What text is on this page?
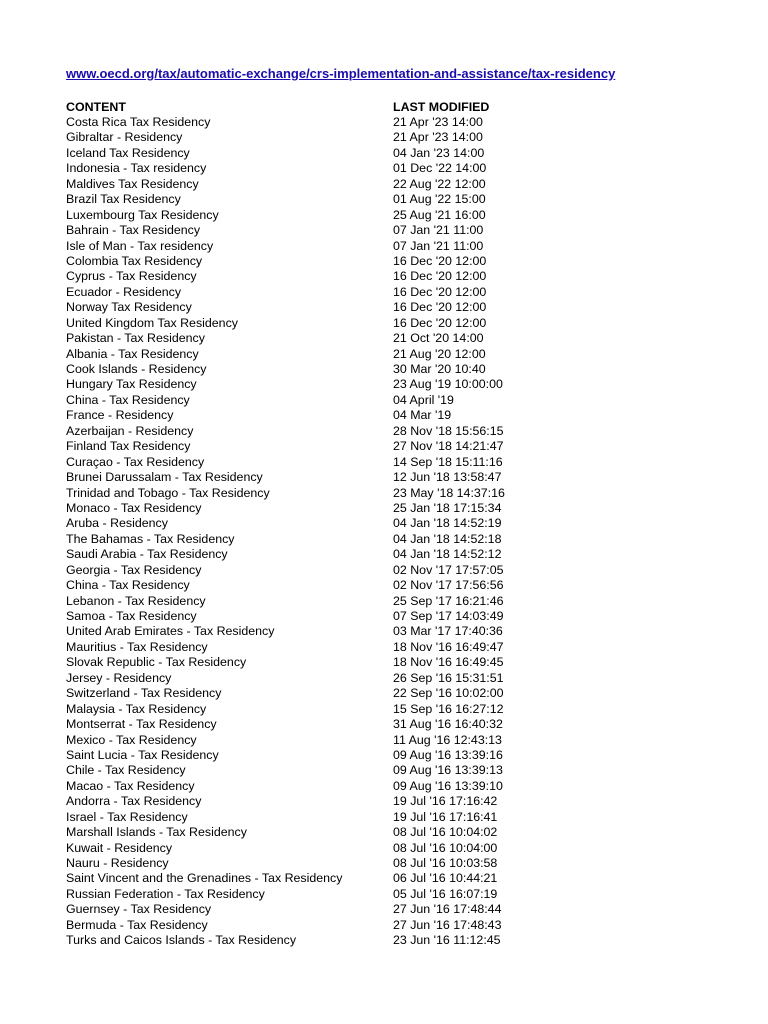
www.oecd.org/tax/automatic-exchange/crs-implementation-and-assistance/tax-residency
CONTENT	LAST MODIFIED
Costa Rica Tax Residency	21 Apr '23 14:00
Gibraltar - Residency	21 Apr '23 14:00
Iceland Tax Residency	04 Jan '23 14:00
Indonesia - Tax residency	01 Dec '22 14:00
Maldives Tax Residency	22 Aug '22 12:00
Brazil Tax Residency	01 Aug '22 15:00
Luxembourg Tax Residency	25 Aug '21 16:00
Bahrain - Tax Residency	07 Jan '21 11:00
Isle of Man - Tax residency	07 Jan '21 11:00
Colombia Tax Residency	16 Dec '20 12:00
Cyprus - Tax Residency	16 Dec '20 12:00
Ecuador - Residency	16 Dec '20 12:00
Norway Tax Residency	16 Dec '20 12:00
United Kingdom Tax Residency	16 Dec '20 12:00
Pakistan - Tax Residency	21 Oct '20 14:00
Albania - Tax Residency	21 Aug '20 12:00
Cook Islands - Residency	30 Mar '20 10:40
Hungary Tax Residency	23 Aug '19 10:00:00
China - Tax Residency	04 April '19
France - Residency	04 Mar '19
Azerbaijan - Residency	28 Nov '18 15:56:15
Finland Tax Residency	27 Nov '18 14:21:47
Curaçao - Tax Residency	14 Sep '18 15:11:16
Brunei Darussalam - Tax Residency	12 Jun '18 13:58:47
Trinidad and Tobago - Tax Residency	23 May '18 14:37:16
Monaco - Tax Residency	25 Jan '18 17:15:34
Aruba - Residency	04 Jan '18 14:52:19
The Bahamas - Tax Residency	04 Jan '18 14:52:18
Saudi Arabia - Tax Residency	04 Jan '18 14:52:12
Georgia - Tax Residency	02 Nov '17 17:57:05
China - Tax Residency	02 Nov '17 17:56:56
Lebanon - Tax Residency	25 Sep '17 16:21:46
Samoa - Tax Residency	07 Sep '17 14:03:49
United Arab Emirates - Tax Residency	03 Mar '17 17:40:36
Mauritius - Tax Residency	18 Nov '16 16:49:47
Slovak Republic - Tax Residency	18 Nov '16 16:49:45
Jersey - Residency	26 Sep '16 15:31:51
Switzerland - Tax Residency	22 Sep '16 10:02:00
Malaysia - Tax Residency	15 Sep '16 16:27:12
Montserrat - Tax Residency	31 Aug '16 16:40:32
Mexico - Tax Residency	11 Aug '16 12:43:13
Saint Lucia - Tax Residency	09 Aug '16 13:39:16
Chile - Tax Residency	09 Aug '16 13:39:13
Macao - Tax Residency	09 Aug '16 13:39:10
Andorra - Tax Residency	19 Jul '16 17:16:42
Israel - Tax Residency	19 Jul '16 17:16:41
Marshall Islands - Tax Residency	08 Jul '16 10:04:02
Kuwait - Residency	08 Jul '16 10:04:00
Nauru - Residency	08 Jul '16 10:03:58
Saint Vincent and the Grenadines - Tax Residency	06 Jul '16 10:44:21
Russian Federation - Tax Residency	05 Jul '16 16:07:19
Guernsey - Tax Residency	27 Jun '16 17:48:44
Bermuda - Tax Residency	27 Jun '16 17:48:43
Turks and Caicos Islands - Tax Residency	23 Jun '16 11:12:45
